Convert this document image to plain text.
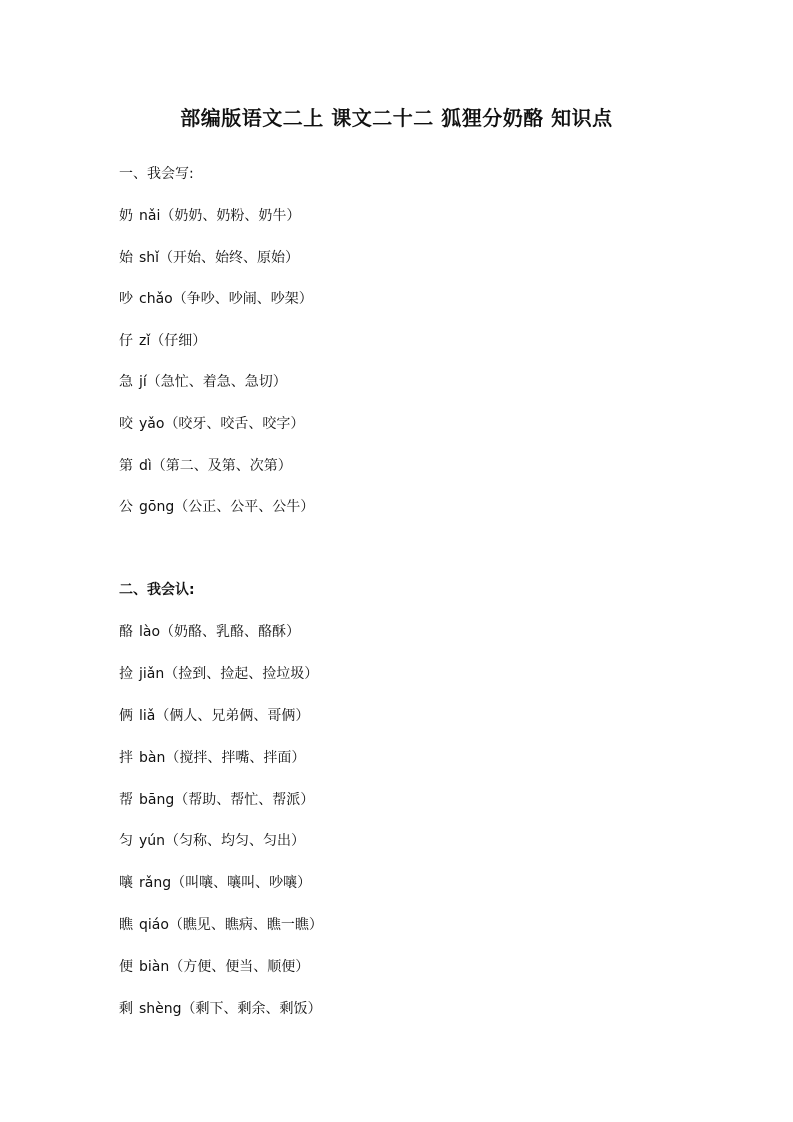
部编版语文二上 课文二十二 狐狸分奶酪 知识点
一、我会写:
奶 nǎi（奶奶、奶粉、奶牛）
始 shǐ（开始、始终、原始）
吵 chǎo（争吵、吵闹、吵架）
仔 zǐ（仔细）
急 jí（急忙、着急、急切）
咬 yǎo（咬牙、咬舌、咬字）
第 dì（第二、及第、次第）
公 gōng（公正、公平、公牛）
二、我会认:
酪 lào（奶酪、乳酪、酪酥）
捡 jiǎn（捡到、捡起、捡垃圾）
俩 liǎ（俩人、兄弟俩、哥俩）
拌 bàn（搅拌、拌嘴、拌面）
帮 bāng（帮助、帮忙、帮派）
匀 yún（匀称、均匀、匀出）
嚷 rǎng（叫嚷、嚷叫、吵嚷）
瞧 qiáo（瞧见、瞧病、瞧一瞧）
便 biàn（方便、便当、顺便）
剩 shèng（剩下、剩余、剩饭）
